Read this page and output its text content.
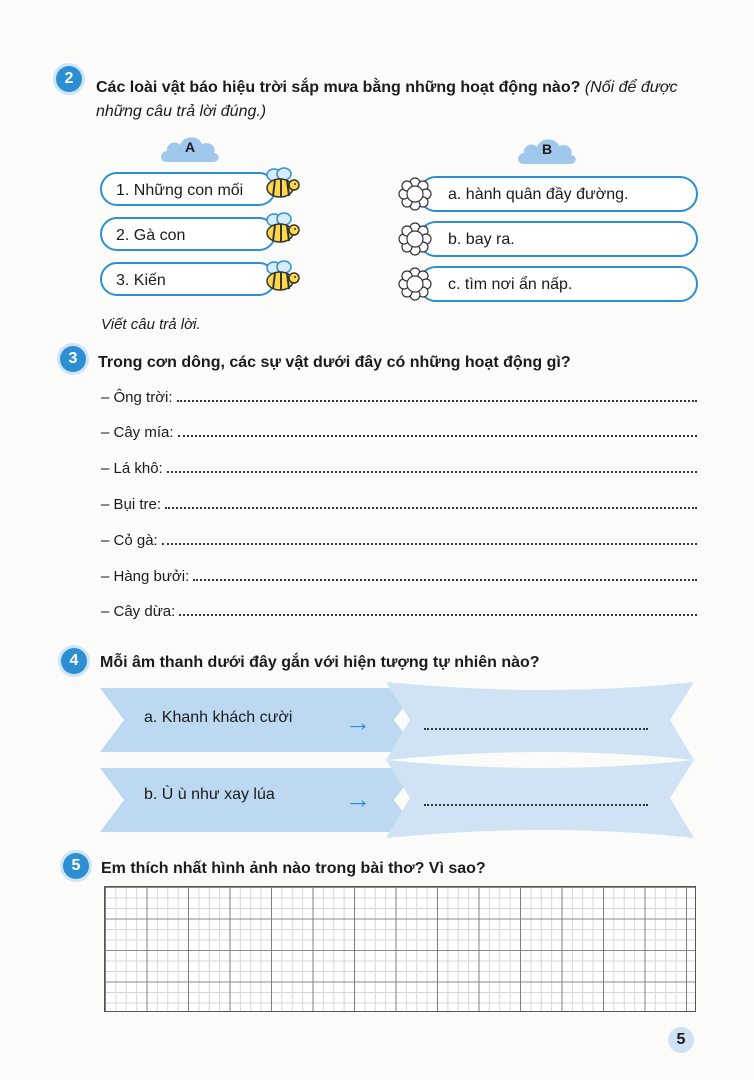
2
Các loài vật báo hiệu trời sắp mưa bằng những hoạt động nào? (Nối để được những câu trả lời đúng.)
A	B
1. Những con mối
2. Gà con
3. Kiến
a. hành quân đầy đường.
b. bay ra.
c. tìm nơi ẩn nấp.
Viết câu trả lời.
3	Trong cơn dông, các sự vật dưới đây có những hoạt động gì?
– Ông trời:
– Cây mía:
– Lá khô:
– Bụi tre:
– Cỏ gà:
– Hàng bưởi:
– Cây dừa:
4	Mỗi âm thanh dưới đây gắn với hiện tượng tự nhiên nào?
a. Khanh khách cười
b. Ù ù như xay lúa
→
→
5	Em thích nhất hình ảnh nào trong bài thơ? Vì sao?
5
